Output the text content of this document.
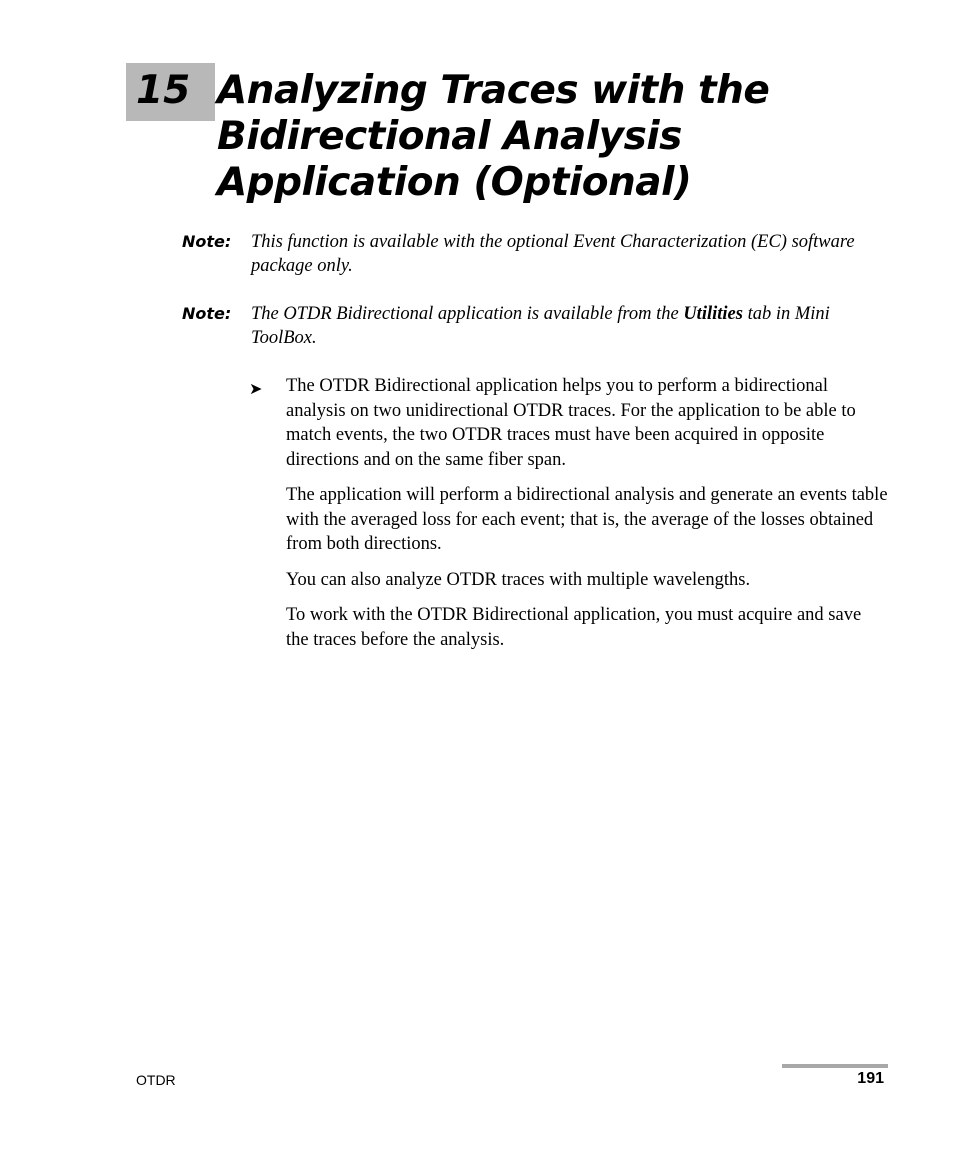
15 Analyzing Traces with the
Bidirectional Analysis
Application (Optional)
Note: This function is available with the optional Event Characterization (EC) software package only.
Note: The OTDR Bidirectional application is available from the Utilities tab in Mini ToolBox.
➤ The OTDR Bidirectional application helps you to perform a bidirectional analysis on two unidirectional OTDR traces. For the application to be able to match events, the two OTDR traces must have been acquired in opposite directions and on the same fiber span.

The application will perform a bidirectional analysis and generate an events table with the averaged loss for each event; that is, the average of the losses obtained from both directions.

You can also analyze OTDR traces with multiple wavelengths.

To work with the OTDR Bidirectional application, you must acquire and save the traces before the analysis.

OTDR	191
